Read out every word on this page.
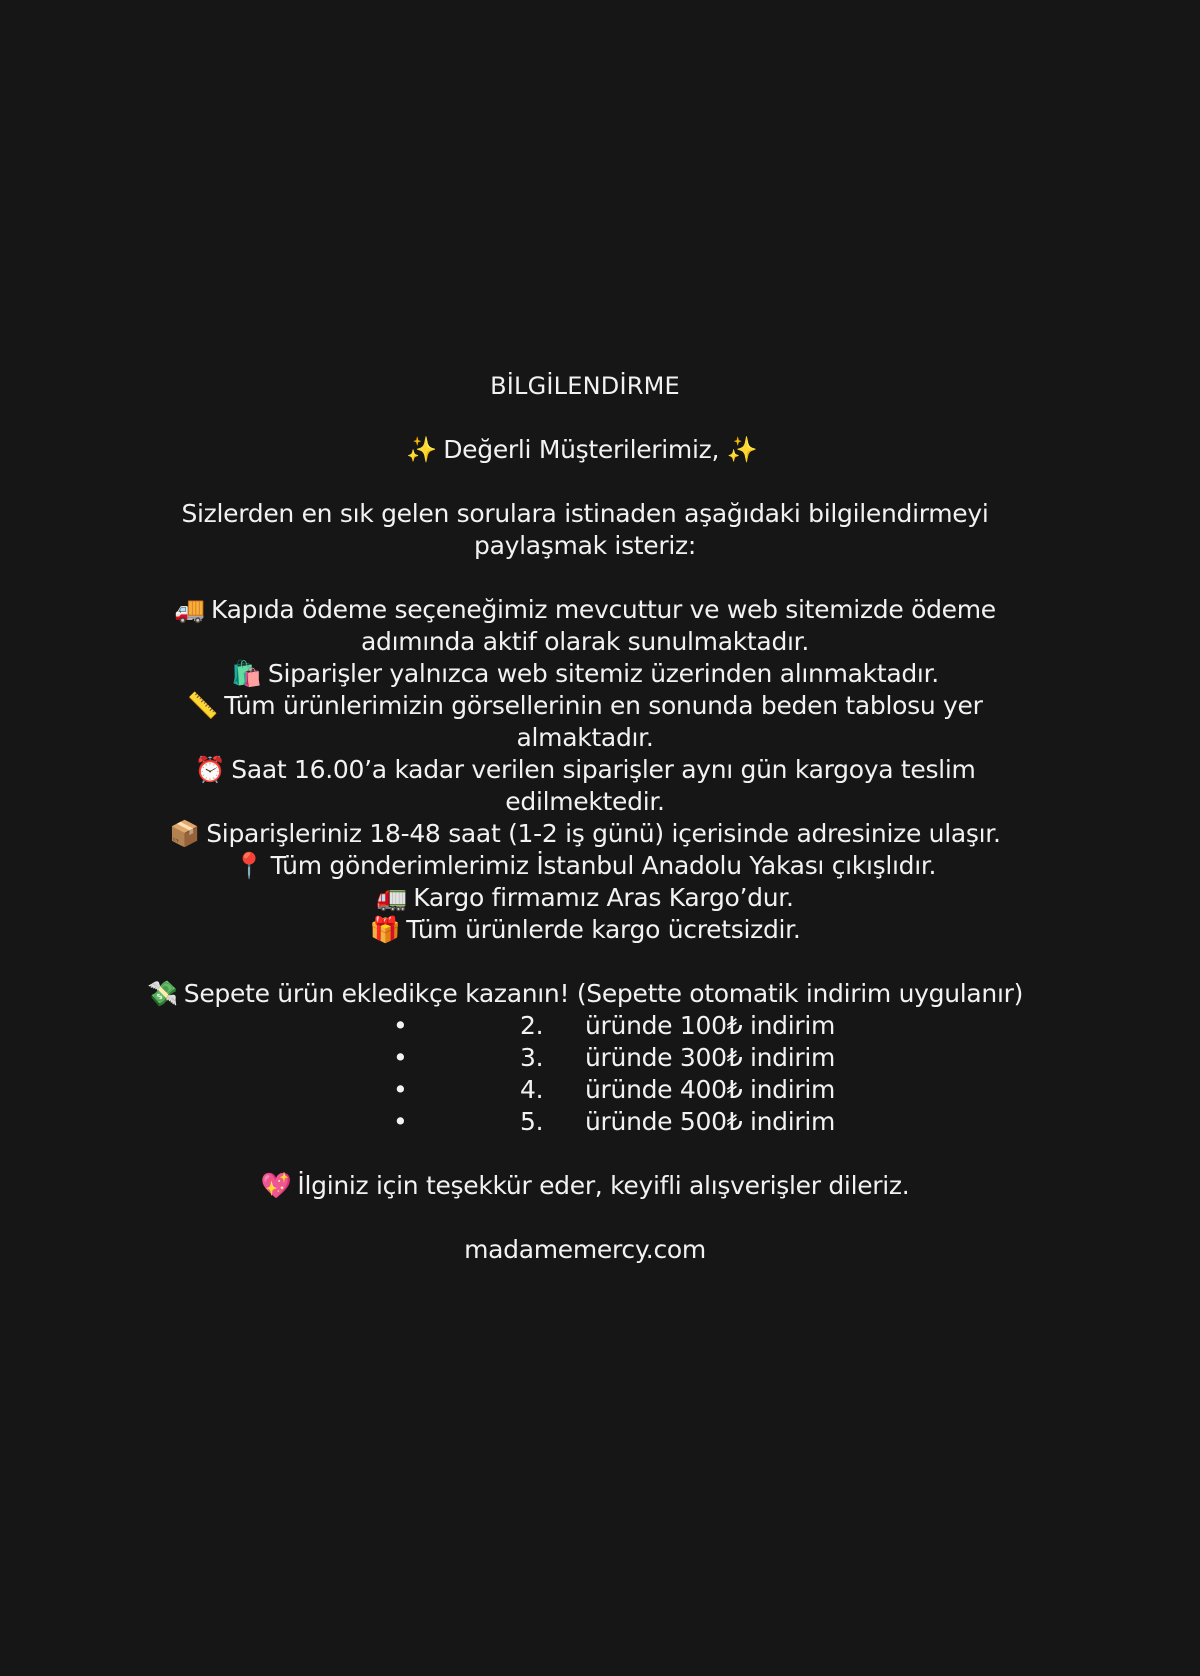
BİLGİLENDİRME
✨ Değerli Müşterilerimiz, ✨
Sizlerden en sık gelen sorulara istinaden aşağıdaki bilgilendirmeyi
paylaşmak isteriz:
🚚 Kapıda ödeme seçeneğimiz mevcuttur ve web sitemizde ödeme
adımında aktif olarak sunulmaktadır.
🛍️ Siparişler yalnızca web sitemiz üzerinden alınmaktadır.
📏 Tüm ürünlerimizin görsellerinin en sonunda beden tablosu yer
almaktadır.
⏰ Saat 16.00’a kadar verilen siparişler aynı gün kargoya teslim
edilmektedir.
📦 Siparişleriniz 18-48 saat (1-2 iş günü) içerisinde adresinize ulaşır.
📍 Tüm gönderimlerimiz İstanbul Anadolu Yakası çıkışlıdır.
🚛 Kargo firmamız Aras Kargo’dur.
🎁 Tüm ürünlerde kargo ücretsizdir.
💸 Sepete ürün ekledikçe kazanın! (Sepette otomatik indirim uygulanır)
•	2.	üründe 100₺ indirim
•	3.	üründe 300₺ indirim
•	4.	üründe 400₺ indirim
•	5.	üründe 500₺ indirim
💖 İlginiz için teşekkür eder, keyifli alışverişler dileriz.
madamemercy.com
